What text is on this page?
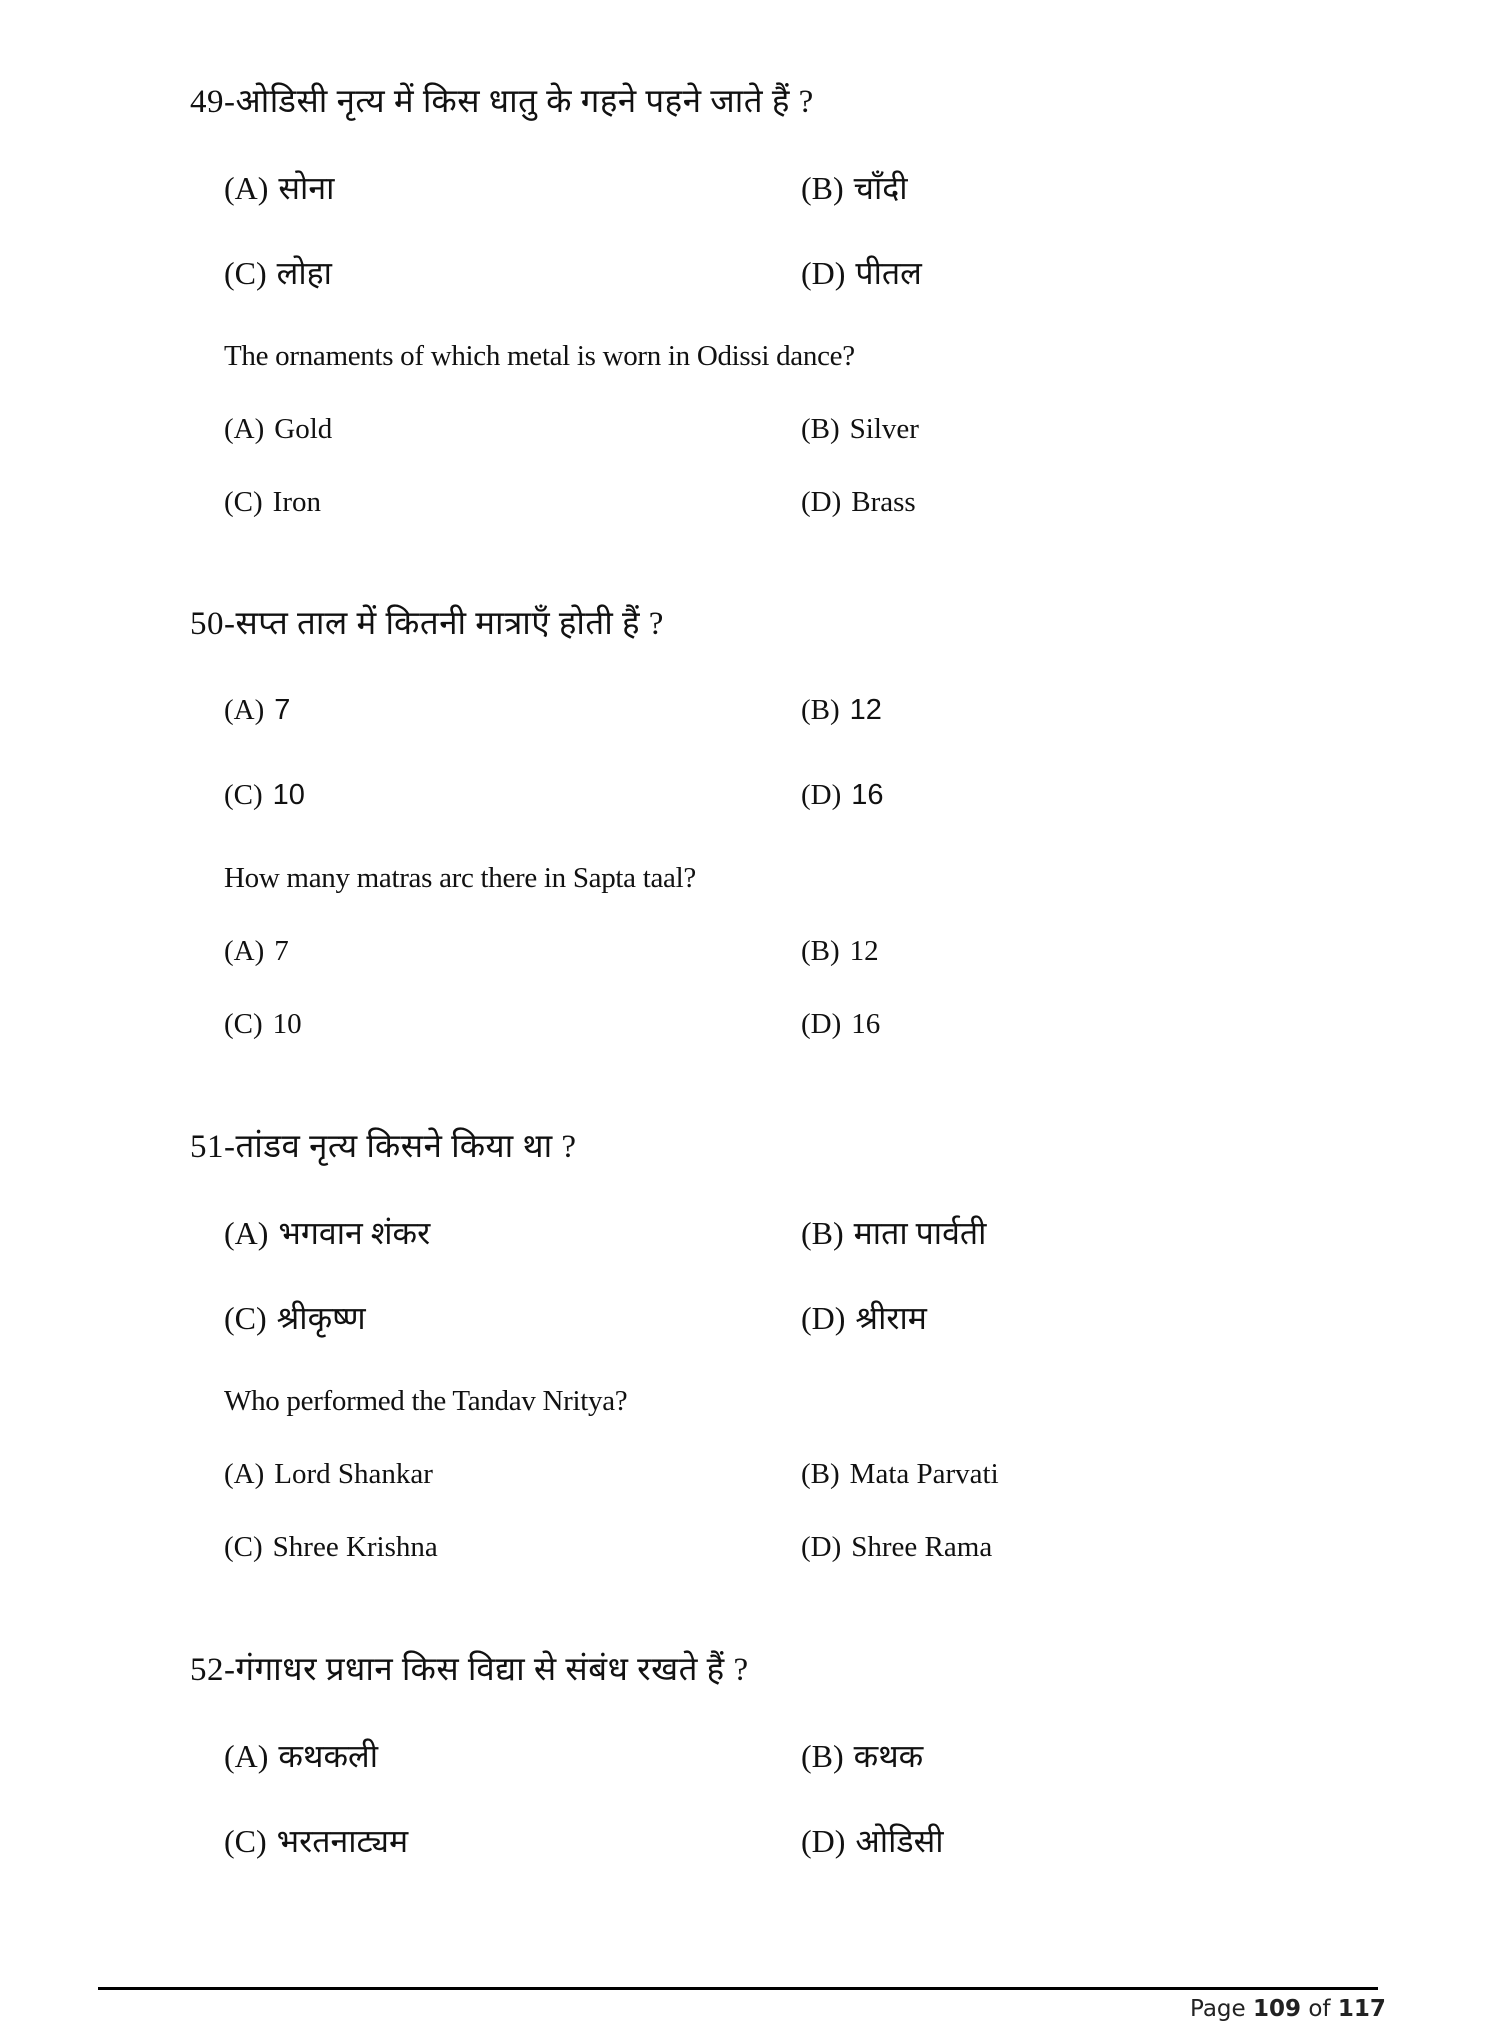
49-ओडिसी नृत्य में किस धातु के गहने पहने जाते हैं ?
(A) सोना	(B) चाँदी
(C) लोहा	(D) पीतल
The ornaments of which metal is worn in Odissi dance?
(A) Gold	(B) Silver
(C) Iron	(D) Brass
50-सप्त ताल में कितनी मात्राएँ होती हैं ?
(A) 7	(B) 12
(C) 10	(D) 16
How many matras arc there in Sapta taal?
(A) 7	(B) 12
(C) 10	(D) 16
51-तांडव नृत्य किसने किया था ?
(A) भगवान शंकर	(B) माता पार्वती
(C) श्रीकृष्ण	(D) श्रीराम
Who performed the Tandav Nritya?
(A) Lord Shankar	(B) Mata Parvati
(C) Shree Krishna	(D) Shree Rama
52-गंगाधर प्रधान किस विद्या से संबंध रखते हैं ?
(A) कथकली	(B) कथक
(C) भरतनाट्यम	(D) ओडिसी
Page 109 of 117
